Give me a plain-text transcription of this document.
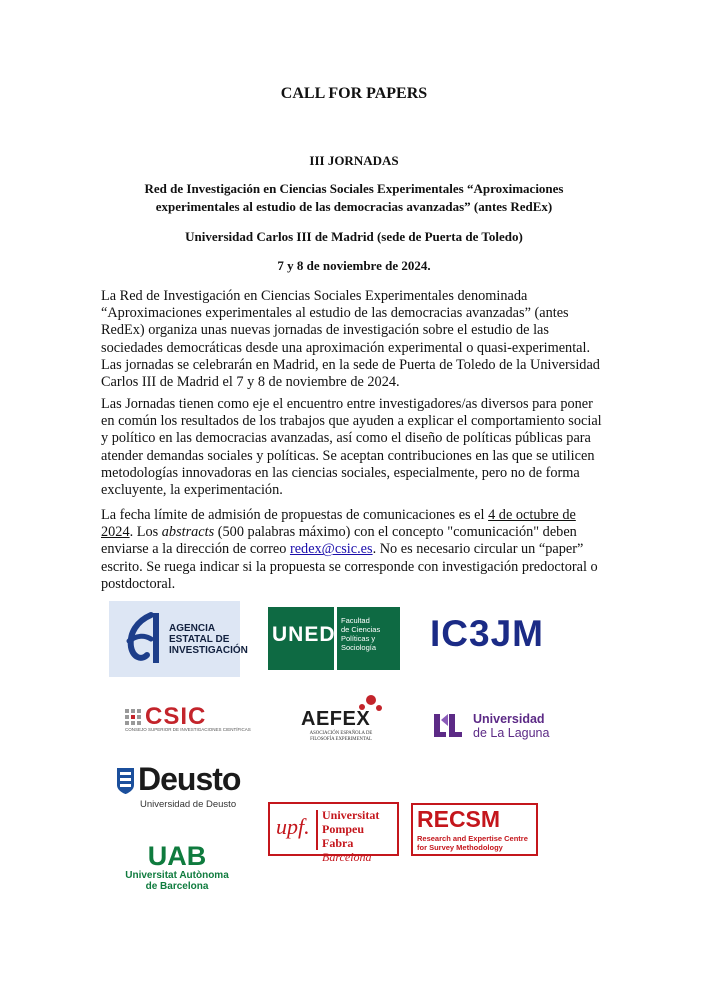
CALL FOR PAPERS
III JORNADAS
Red de Investigación en Ciencias Sociales Experimentales “Aproximaciones
experimentales al estudio de las democracias avanzadas” (antes RedEx)
Universidad Carlos III de Madrid (sede de Puerta de Toledo)
7 y 8 de noviembre de 2024.
La Red de Investigación en Ciencias Sociales Experimentales denominada “Aproximaciones experimentales al estudio de las democracias avanzadas” (antes RedEx) organiza unas nuevas jornadas de investigación sobre el estudio de las sociedades democráticas desde una aproximación experimental o quasi-experimental. Las jornadas se celebrarán en Madrid, en la sede de Puerta de Toledo de la Universidad Carlos III de Madrid el 7 y 8 de noviembre de 2024.
Las Jornadas tienen como eje el encuentro entre investigadores/as diversos para poner en común los resultados de los trabajos que ayuden a explicar el comportamiento social y político en las democracias avanzadas, así como el diseño de políticas públicas para atender demandas sociales y políticas. Se aceptan contribuciones en las que se utilicen metodologías innovadoras en las ciencias sociales, especialmente, pero no de forma excluyente, la experimentación.
La fecha límite de admisión de propuestas de comunicaciones es el 4 de octubre de 2024. Los abstracts (500 palabras máximo) con el concepto "comunicación" deben enviarse a la dirección de correo redex@csic.es. No es necesario circular un “paper” escrito. Se ruega indicar si la propuesta se corresponde con investigación predoctoral o postdoctoral.
AGENCIA
ESTATAL DE
INVESTIGACIÓN
UNED
Facultad
de Ciencias
Políticas y
Sociología IC3JM
CSIC
CONSEJO SUPERIOR DE INVESTIGACIONES CIENTÍFICAS	AEFEX
ASOCIACIÓN ESPAÑOLA DE
FILOSOFÍA EXPERIMENTAL
Universidad
de La Laguna
Deusto
Universidad de Deusto
upf. Universitat
Pompeu Fabra
Barcelona
RECSM
Research and Expertise Centre
for Survey Methodology
UAB
Universitat Autònoma
de Barcelona
